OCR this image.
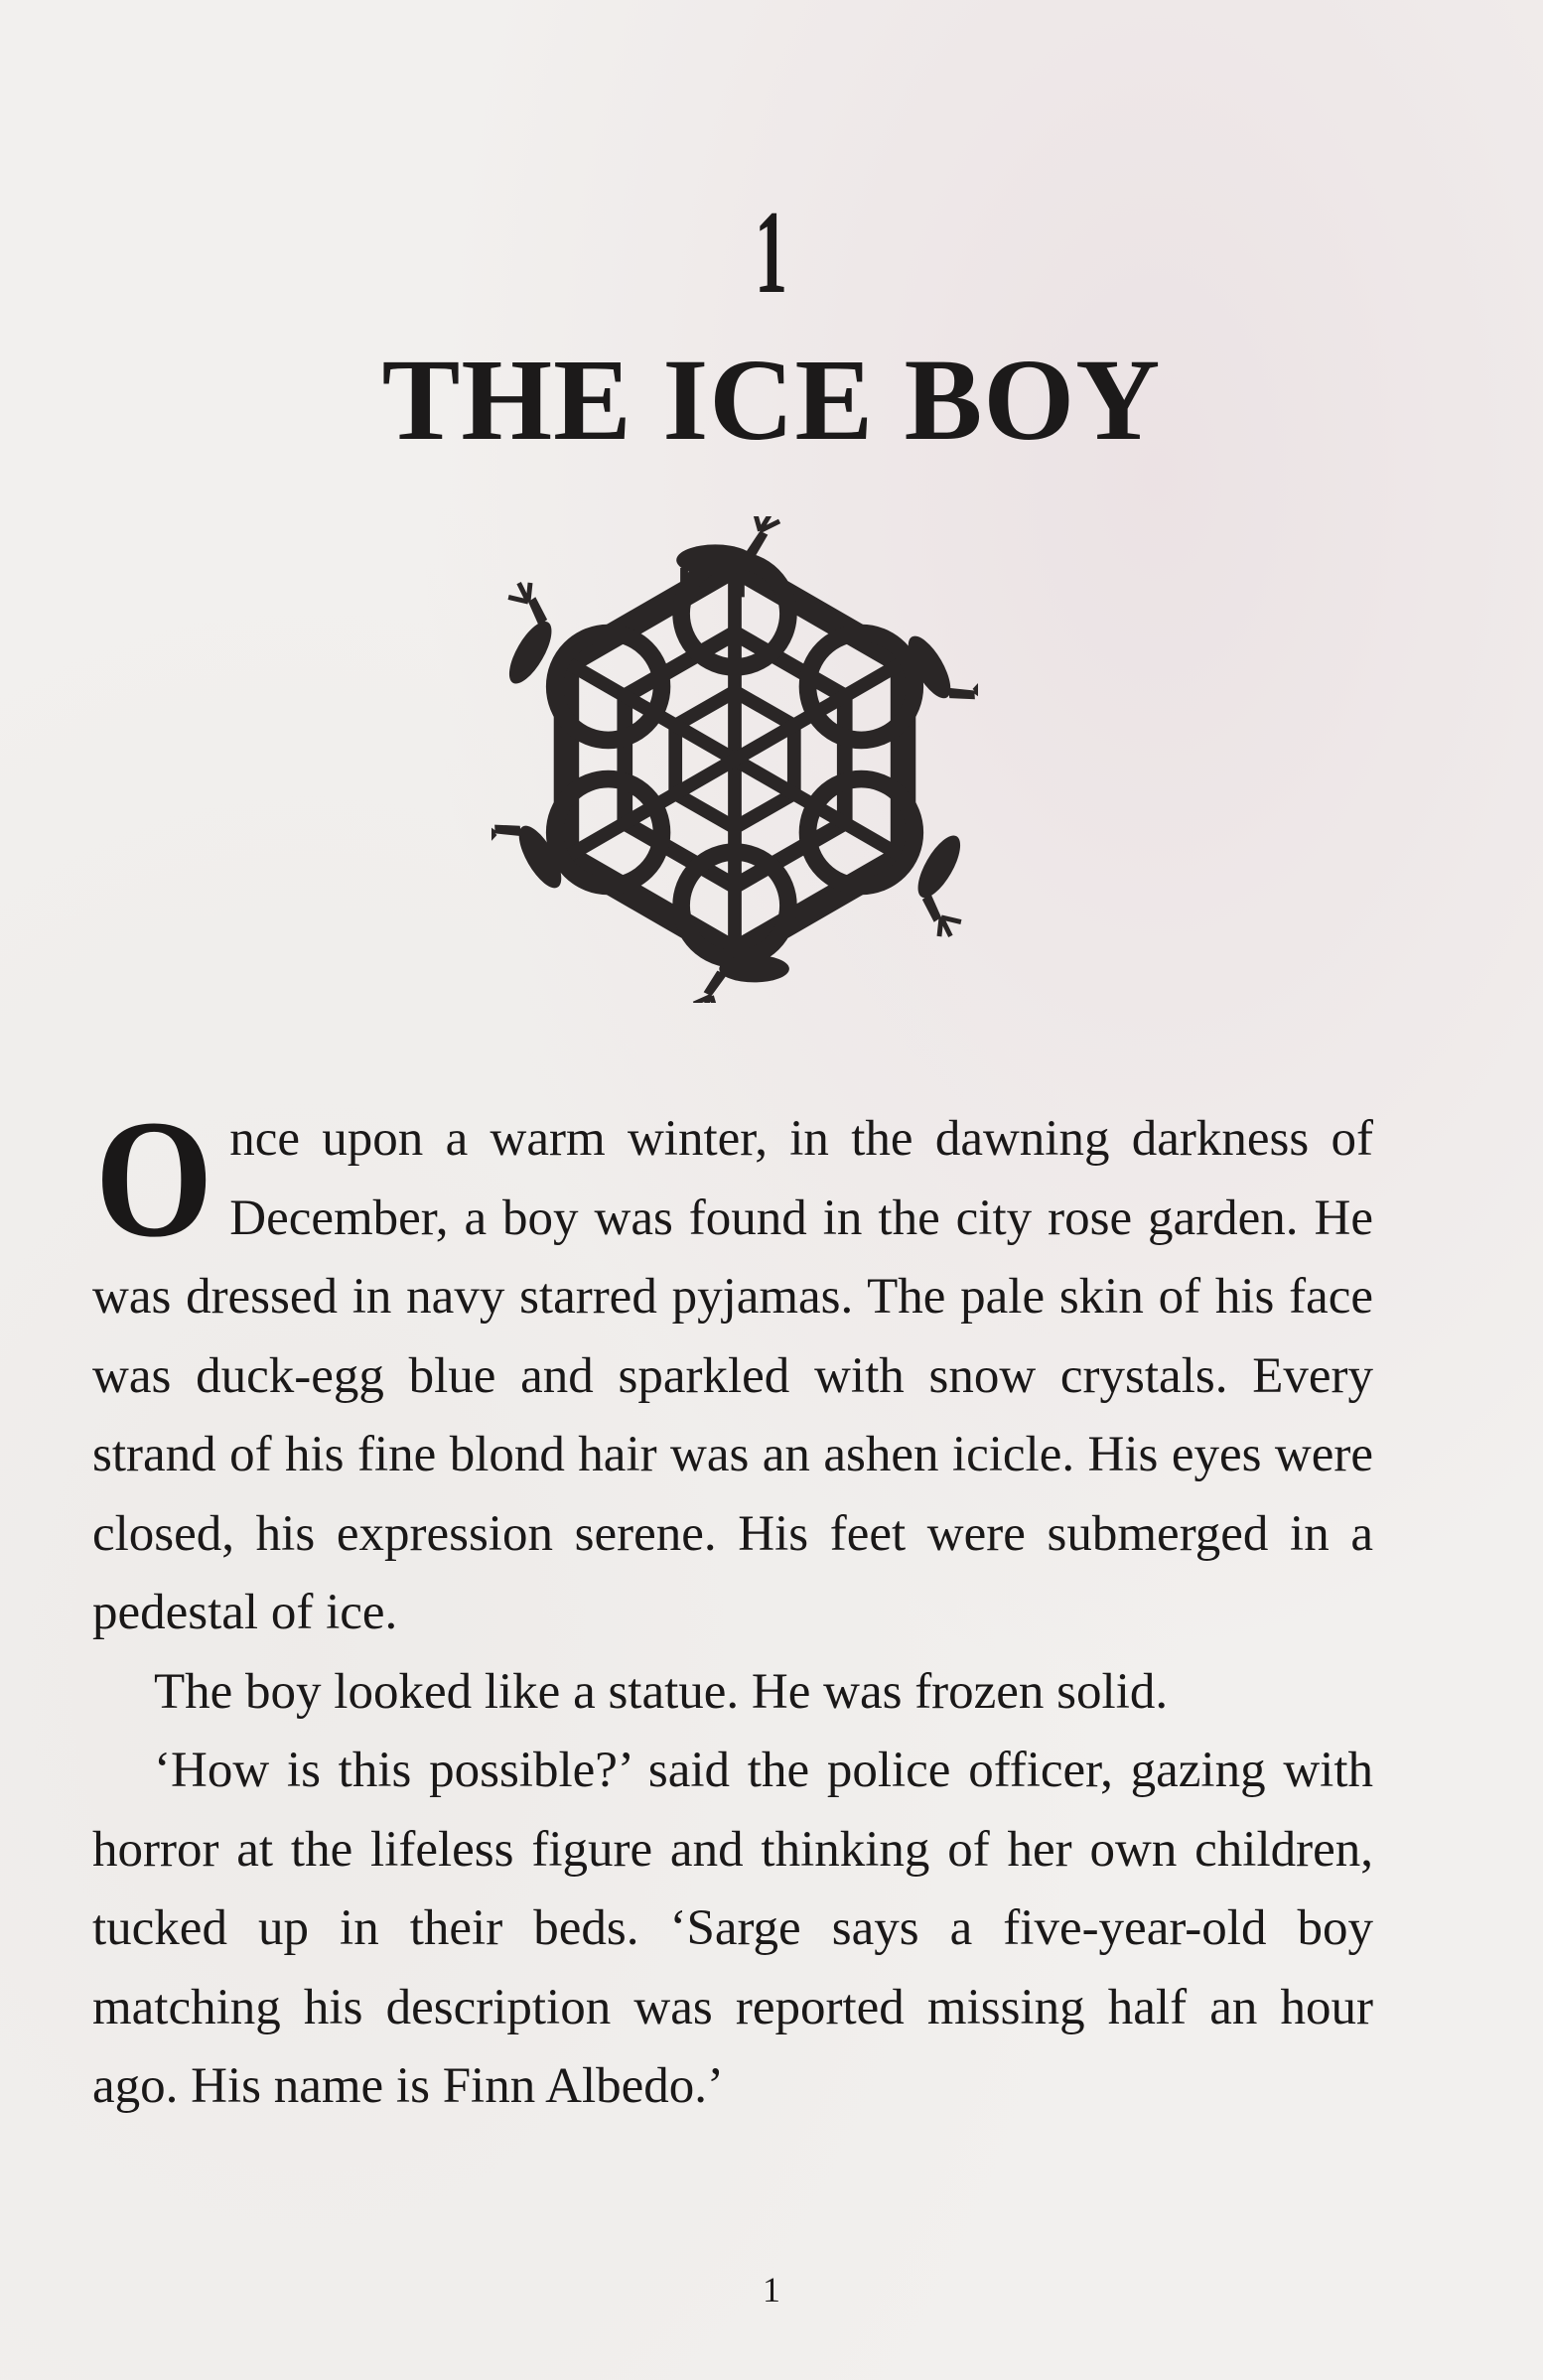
1
THE ICE BOY

Once upon a warm winter, in the dawning darkness of December, a boy was found in the city rose garden. He was dressed in navy starred pyjamas. The pale skin of his face was duck-egg blue and sparkled with snow crystals. Every strand of his fine blond hair was an ashen icicle. His eyes were closed, his expression serene. His feet were submerged in a pedestal of ice.

The boy looked like a statue. He was frozen solid.

‘How is this possible?’ said the police officer, gazing with horror at the lifeless figure and thinking of her own children, tucked up in their beds. ‘Sarge says a five-year-old boy matching his description was reported missing half an hour ago. His name is Finn Albedo.’

1
